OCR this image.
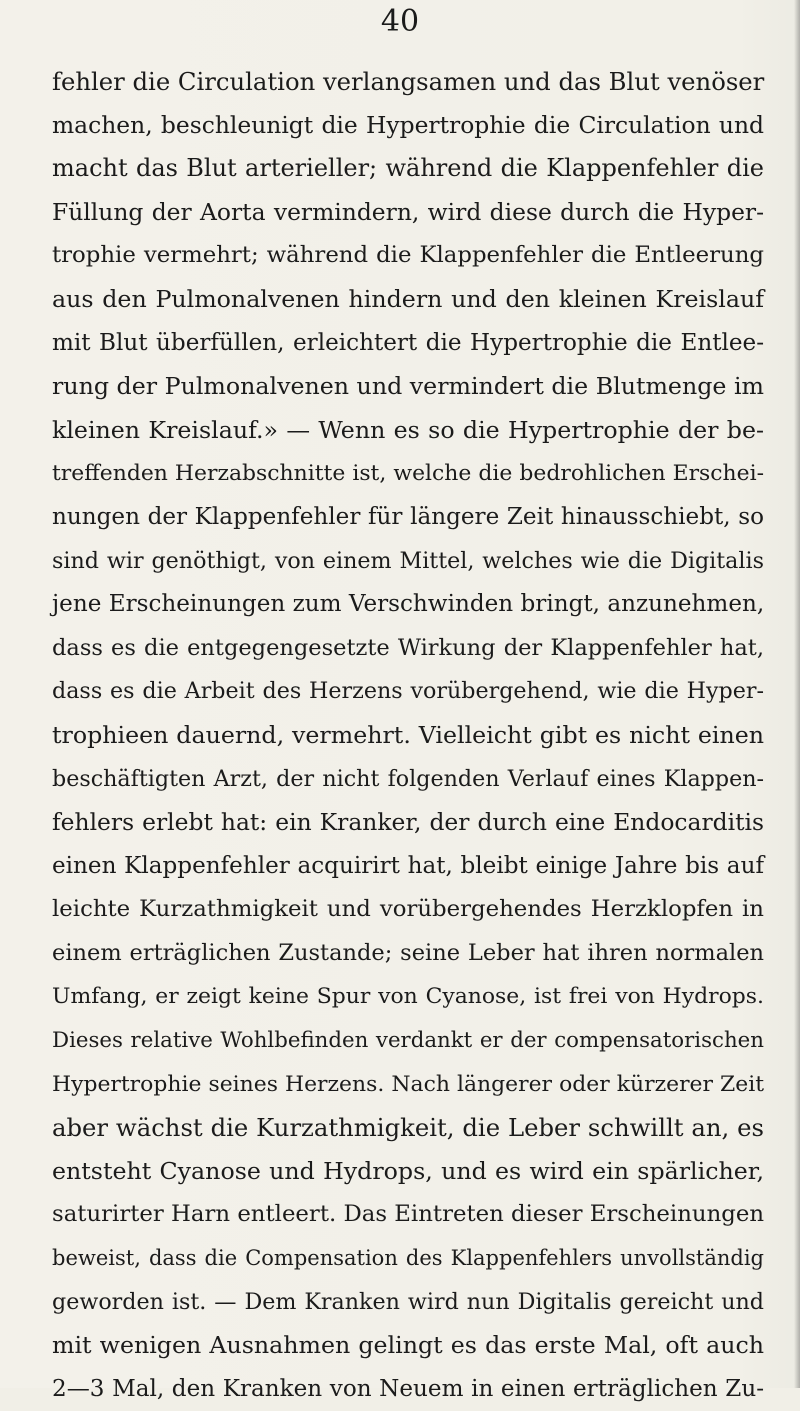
40
fehler die Circulation verlangsamen und das Blut venöser
machen, beschleunigt die Hypertrophie die Circulation und
macht das Blut arterieller; während die Klappenfehler die
Füllung der Aorta vermindern, wird diese durch die Hyper-
trophie vermehrt; während die Klappenfehler die Entleerung
aus den Pulmonalvenen hindern und den kleinen Kreislauf
mit Blut überfüllen, erleichtert die Hypertrophie die Entlee-
rung der Pulmonalvenen und vermindert die Blutmenge im
kleinen Kreislauf.» — Wenn es so die Hypertrophie der be-
treffenden Herzabschnitte ist, welche die bedrohlichen Erschei-
nungen der Klappenfehler für längere Zeit hinausschiebt, so
sind wir genöthigt, von einem Mittel, welches wie die Digitalis
jene Erscheinungen zum Verschwinden bringt, anzunehmen,
dass es die entgegengesetzte Wirkung der Klappenfehler hat,
dass es die Arbeit des Herzens vorübergehend, wie die Hyper-
trophieen dauernd, vermehrt. Vielleicht gibt es nicht einen
beschäftigten Arzt, der nicht folgenden Verlauf eines Klappen-
fehlers erlebt hat: ein Kranker, der durch eine Endocarditis
einen Klappenfehler acquirirt hat, bleibt einige Jahre bis auf
leichte Kurzathmigkeit und vorübergehendes Herzklopfen in
einem erträglichen Zustande; seine Leber hat ihren normalen
Umfang, er zeigt keine Spur von Cyanose, ist frei von Hydrops.
Dieses relative Wohlbefinden verdankt er der compensatorischen
Hypertrophie seines Herzens. Nach längerer oder kürzerer Zeit
aber wächst die Kurzathmigkeit, die Leber schwillt an, es
entsteht Cyanose und Hydrops, und es wird ein spärlicher,
saturirter Harn entleert. Das Eintreten dieser Erscheinungen
beweist, dass die Compensation des Klappenfehlers unvollständig
geworden ist. — Dem Kranken wird nun Digitalis gereicht und
mit wenigen Ausnahmen gelingt es das erste Mal, oft auch
2—3 Mal, den Kranken von Neuem in einen erträglichen Zu-
